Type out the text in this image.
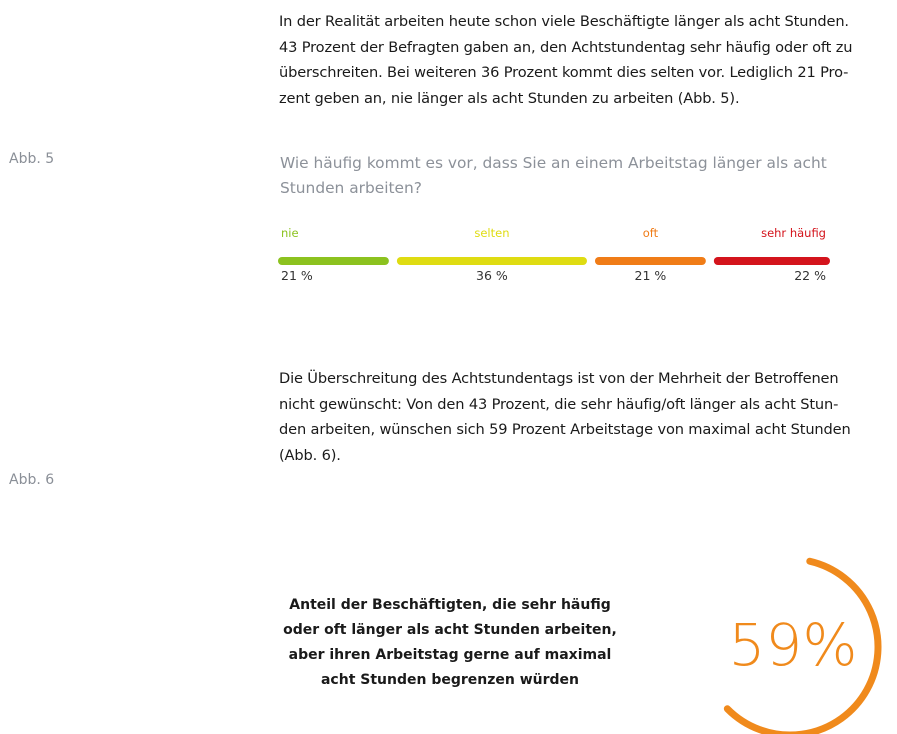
In der Realität arbeiten heute schon viele Beschäftigte länger als acht Stunden.
43 Prozent der Befragten gaben an, den Achtstundentag sehr häufig oder oft zu
überschreiten. Bei weiteren 36 Prozent kommt dies selten vor. Lediglich 21 Pro-
zent geben an, nie länger als acht Stunden zu arbeiten (Abb. 5).

Abb. 5	Wie häufig kommt es vor, dass Sie an einem Arbeitstag länger als acht
Stunden arbeiten?

nie
21 %
selten
36 %
oft
21 %
sehr häufig
22 %

Die Überschreitung des Achtstundentags ist von der Mehrheit der Betroffenen
nicht gewünscht: Von den 43 Prozent, die sehr häufig/oft länger als acht Stun-
den arbeiten, wünschen sich 59 Prozent Arbeitstage von maximal acht Stunden
(Abb. 6).

Abb. 6

Anteil der Beschäftigten, die sehr häufig
oder oft länger als acht Stunden arbeiten,
aber ihren Arbeitstag gerne auf maximal
acht Stunden begrenzen würden

59%
